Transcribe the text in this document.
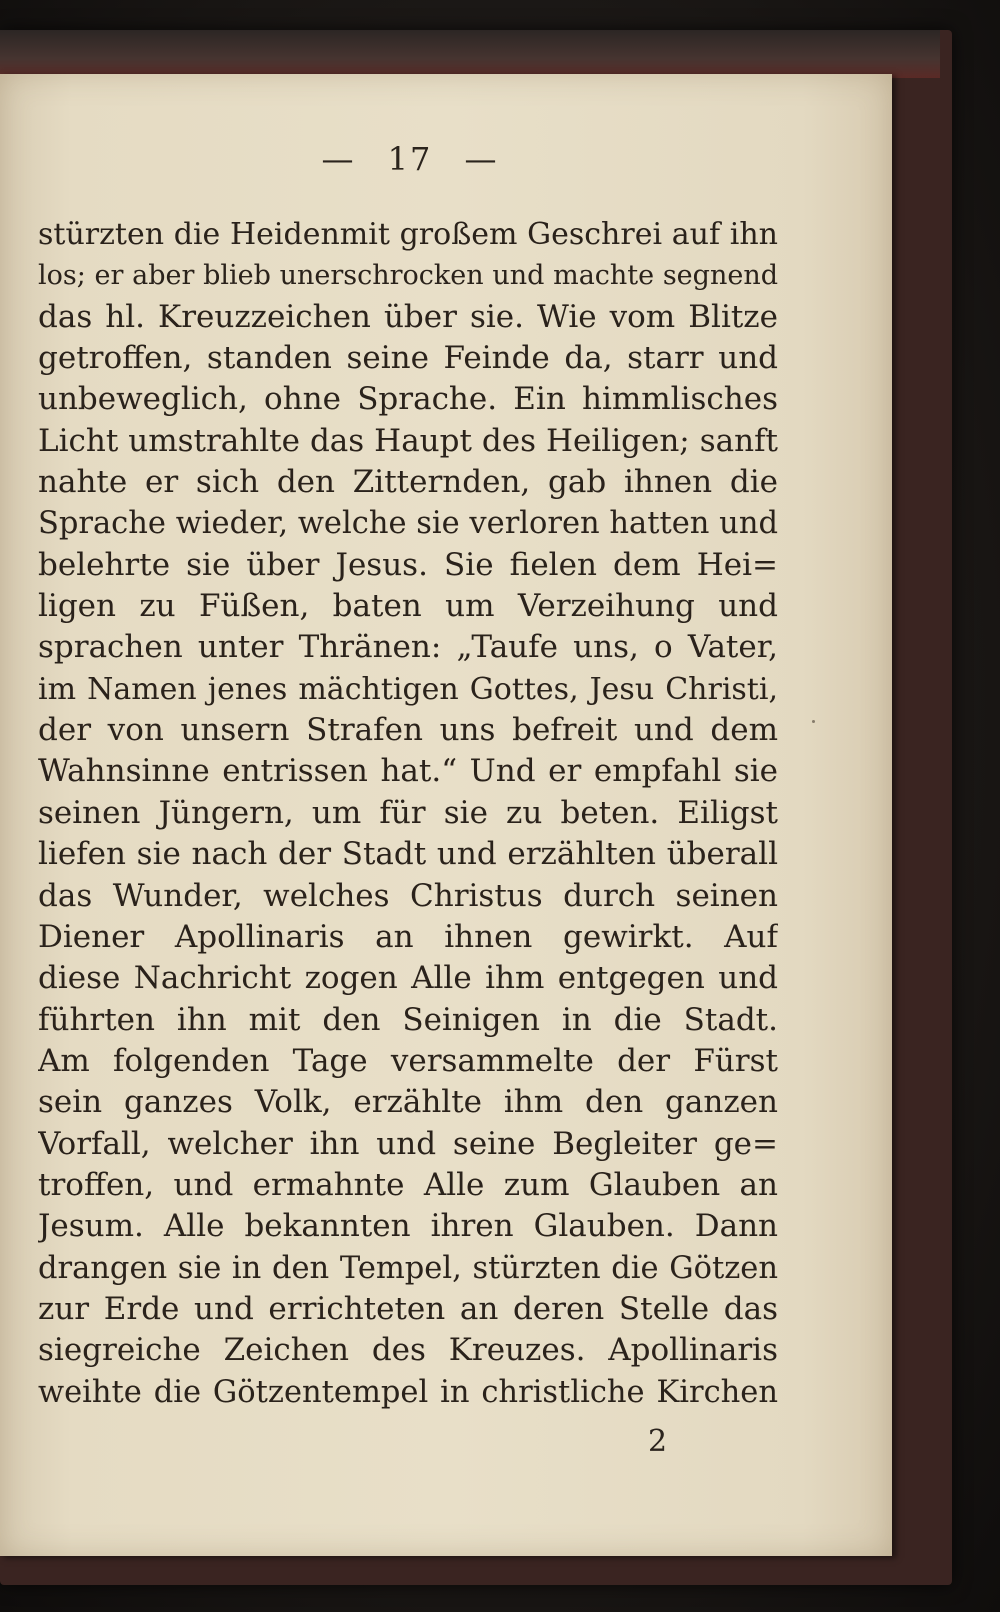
— 17 —
stürzten die Heidenmit großem Geschrei auf ihn
los; er aber blieb unerschrocken und machte segnend
das hl. Kreuzzeichen über sie. Wie vom Blitze
getroffen, standen seine Feinde da, starr und
unbeweglich, ohne Sprache. Ein himmlisches
Licht umstrahlte das Haupt des Heiligen; sanft
nahte er sich den Zitternden, gab ihnen die
Sprache wieder, welche sie verloren hatten und
belehrte sie über Jesus. Sie fielen dem Hei=
ligen zu Füßen, baten um Verzeihung und
sprachen unter Thränen: „Taufe uns, o Vater,
im Namen jenes mächtigen Gottes, Jesu Christi,
der von unsern Strafen uns befreit und dem
Wahnsinne entrissen hat.“ Und er empfahl sie
seinen Jüngern, um für sie zu beten. Eiligst
liefen sie nach der Stadt und erzählten überall
das Wunder, welches Christus durch seinen
Diener Apollinaris an ihnen gewirkt. Auf
diese Nachricht zogen Alle ihm entgegen und
führten ihn mit den Seinigen in die Stadt.
Am folgenden Tage versammelte der Fürst
sein ganzes Volk, erzählte ihm den ganzen
Vorfall, welcher ihn und seine Begleiter ge=
troffen, und ermahnte Alle zum Glauben an
Jesum. Alle bekannten ihren Glauben. Dann
drangen sie in den Tempel, stürzten die Götzen
zur Erde und errichteten an deren Stelle das
siegreiche Zeichen des Kreuzes. Apollinaris
weihte die Götzentempel in christliche Kirchen
2
